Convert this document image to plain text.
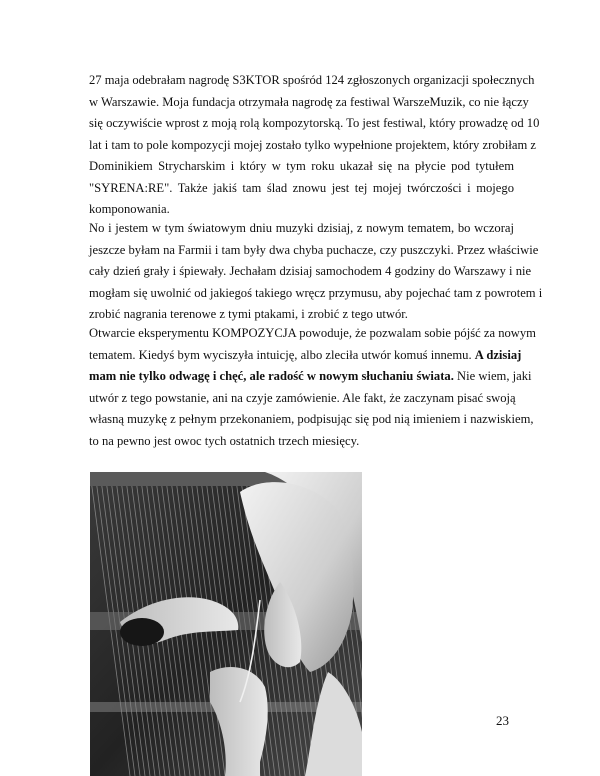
27 maja odebrałam nagrodę S3KTOR spośród 124 zgłoszonych organizacji społecznych
w Warszawie. Moja fundacja otrzymała nagrodę za festiwal WarszeMuzik, co nie łączy
się oczywiście wprost z moją rolą kompozytorską. To jest festiwal, który prowadzę od 10
lat i tam to pole kompozycji mojej zostało tylko wypełnione projektem, który zrobiłam z
Dominikiem Strycharskim i który w tym roku ukazał się na płycie pod tytułem
"SYRENA:RE". Także jakiś tam ślad znowu jest tej mojej twórczości i mojego
komponowania.

No i jestem w tym światowym dniu muzyki dzisiaj, z nowym tematem, bo wczoraj
jeszcze byłam na Farmii i tam były dwa chyba puchacze, czy puszczyki. Przez właściwie
cały dzień grały i śpiewały. Jechałam dzisiaj samochodem 4 godziny do Warszawy i nie
mogłam się uwolnić od jakiegoś takiego wręcz przymusu, aby pojechać tam z powrotem i
zrobić nagrania terenowe z tymi ptakami, i zrobić z tego utwór.

Otwarcie eksperymentu KOMPOZYCJA powoduje, że pozwalam sobie pójść za nowym
tematem. Kiedyś bym wyciszyła intuicję, albo zleciła utwór komuś innemu. A dzisiaj
mam nie tylko odwagę i chęć, ale radość w nowym słuchaniu świata. Nie wiem, jaki
utwór z tego powstanie, ani na czyje zamówienie. Ale fakt, że zaczynam pisać swoją
własną muzykę z pełnym przekonaniem, podpisując się pod nią imieniem i nazwiskiem,
to na pewno jest owoc tych ostatnich trzech miesięcy.

23
